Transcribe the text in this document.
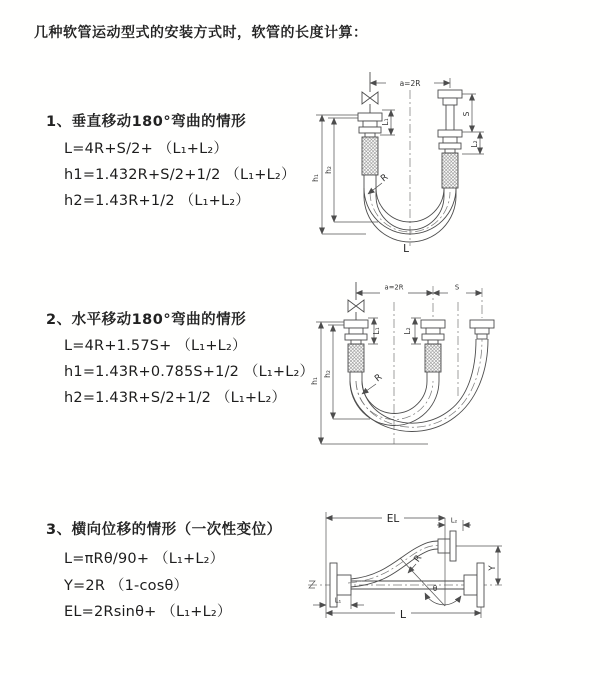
几种软管运动型式的安装方式时，软管的长度计算：
1、垂直移动180°弯曲的情形
L=4R+S/2+ （L₁+L₂）
h1=1.432R+S/2+1/2 （L₁+L₂）
h2=1.43R+1/2 （L₁+L₂）
a=2R
h₁
h₂
L₁
S
L₂
R
L
2、水平移动180°弯曲的情形
L=4R+1.57S+ （L₁+L₂）
h1=1.43R+0.785S+1/2 （L₁+L₂）
h2=1.43R+S/2+1/2 （L₁+L₂）
a=2R	S
h₁
h₂
L₁	L₂
R
3、横向位移的情形（一次性变位）
L=πRθ/90+ （L₁+L₂）
Y=2R （1-cosθ）
EL=2Rsinθ+ （L₁+L₂）
EL	L₂
Y
L
L₁
θ
R
